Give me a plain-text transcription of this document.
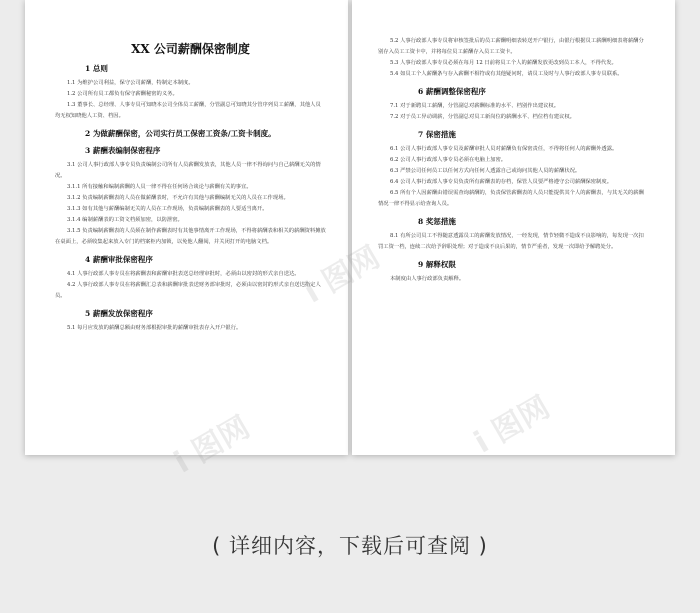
XX 公司薪酬保密制度
1 总则

1.1 为维护公司利益，保守公司薪酬，特制定本制度。

1.2 公司所有员工都负有保守薪酬秘密的义务。

1.3 董事长、总经理、人事专员可知晓本公司全体员工薪酬，分管副总可知晓其分管序列员工薪酬，其他人员均无权知晓他人工资、档因。

2 为做薪酬保密，公司实行员工保密工资条/工资卡制度。
3 薪酬表编制保密程序

3.1 公司人事行政部人事专员负责编制公司所有人员薪酬发放表，其他人员一律不得询问与自己薪酬无关的情况。

3.1.1 所有接触和编制薪酬的人员一律不得在任何场合谈论与薪酬有关的事宜。

3.1.2 负责编制薪酬表的人员在做薪酬表时，不允许有其他与薪酬编制无关的人员在工作现场。

3.1.3 如有其他与薪酬编制无关的人员在工作现场，负责编制薪酬表的人要适当离开。

3.1.4 编制薪酬表的工资文档须加密，以防泄密。

3.1.5 负责编制薪酬表的人员须在制作薪酬表时有其他事情离开工作现场，不得将薪酬表和相关的薪酬资料摊放在桌面上，必须收集起来放入专门的档案柜内加锁，以免他人翻阅，并关闭打开的电脑文档。

4 薪酬审批保密程序

4.1 人事行政部人事专员在将薪酬表和薪酬审批表送总经理审批时，必须由以密封的形式亲自送达。

4.2 人事行政部人事专员在将薪酬汇总表和薪酬审批表送财务部审批时，必须由以密封的形式亲自送达指定人员。

5 薪酬发放保密程序

5.1 每月应发放的薪酬总额由财务部根据审批的薪酬审批表存入开户银行。

5.2 人事行政部人事专员将审核签批后的员工薪酬明细表转送开户银行，由银行根据员工薪酬明细表将薪酬分别存入员工工资卡中，并将每位员工薪酬存入员工工资卡。

5.3 人事行政部人事专员必须在每月 12 日前将员工个人的薪酬发放更改到员工本人，不得代发。

5.4 如员工个人薪酬条与存入薪酬不相符或有其他疑问时，请员工及时与人事行政部人事专员联系。

6 薪酬调整保密程序

7.1 对于新聘员工薪酬，分管副总对薪酬标准的水平、档别作出建议权。

7.2 对于员工异动调薪，分管副总对员工新岗位的薪酬水平、档位档有建议权。

7 保密措施

6.1 公司人事行政部人事专员及薪酬审批人员对薪酬负有保密责任，不得将任何人的薪酬外透露。

6.2 公司人事行政部人事专员必须在电脑上加密。

6.3 严禁公司任何员工以任何方式向任何人透露自己或询问其他人员的薪酬状况。

6.4 公司人事行政部人事专员负责所有薪酬表的存档，保管人员要严格遵守公司薪酬保密制度。

6.5 所有个人因薪酬由错误需查询薪酬的，负责保管薪酬表的人员只能提供其个人的薪酬表，与其无关的薪酬情况一律不得显示给查询人员。

8 奖惩措施

8.1 有所公司员工不得随意透露员工的薪酬发放情况，一经发现，情节轻微不造成不良影响的，每发现一次扣罚工资一档，连续二次给予辞职处理；对于造成不良后果的，情节严重者，发现一次即给予解聘处分。

9 解释权限

本制度由人事行政部负责解释。

( 详细内容，下载后可查阅 )
